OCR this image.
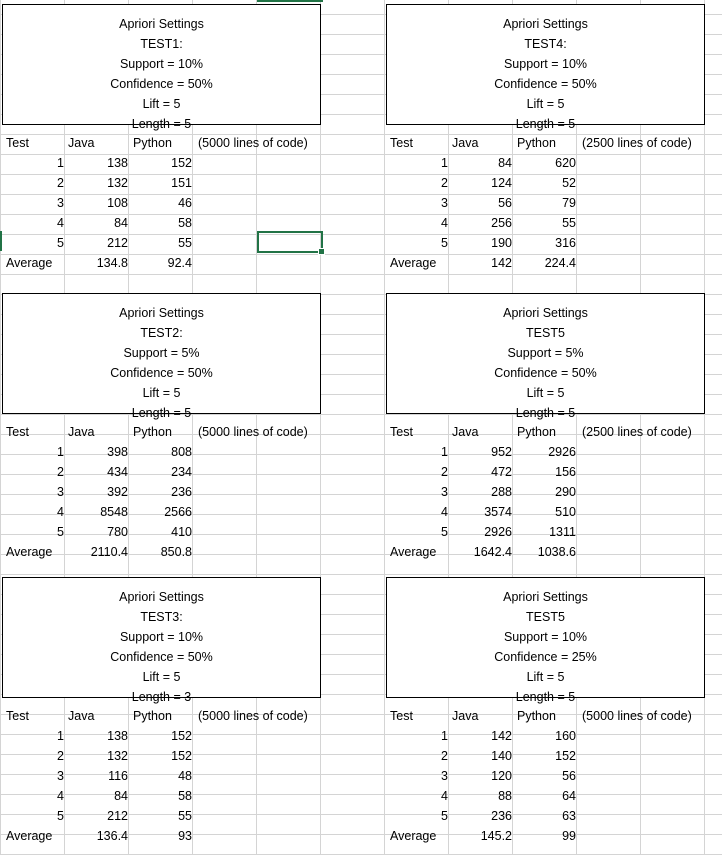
Apriori Settings
TEST1:
Support = 10%
Confidence = 50%
Lift = 5
Length = 5
Test	Java	Python (5000 lines of code)
1	138	152
2	132	151
3	108	46
4	84	58
5	212	55
Average	134.8	92.4
Apriori Settings
TEST4:
Support = 10%
Confidence = 50%
Lift = 5
Length = 5
Test	Java	Python (2500 lines of code)
1	84	620
2	124	52
3	56	79
4	256	55
5	190	316
Average	142	224.4
Apriori Settings
TEST2:
Support = 5%
Confidence = 50%
Lift = 5
Length = 5
Test	Java	Python (5000 lines of code)
1	398	808
2	434	234
3	392	236
4	8548	2566
5	780	410
Average	2110.4	850.8
Apriori Settings
TEST5
Support = 5%
Confidence = 50%
Lift = 5
Length = 5
Test	Java	Python (2500 lines of code)
1	952	2926
2	472	156
3	288	290
4	3574	510
5	2926	1311
Average	1642.4	1038.6
Apriori Settings
TEST3:
Support = 10%
Confidence = 50%
Lift = 5
Length = 3
Test	Java	Python (5000 lines of code)
1	138	152
2	132	152
3	116	48
4	84	58
5	212	55
Average	136.4	93
Apriori Settings
TEST5
Support = 10%
Confidence = 25%
Lift = 5
Length = 5
Test	Java	Python (5000 lines of code)
1	142	160
2	140	152
3	120	56
4	88	64
5	236	63
Average	145.2	99
